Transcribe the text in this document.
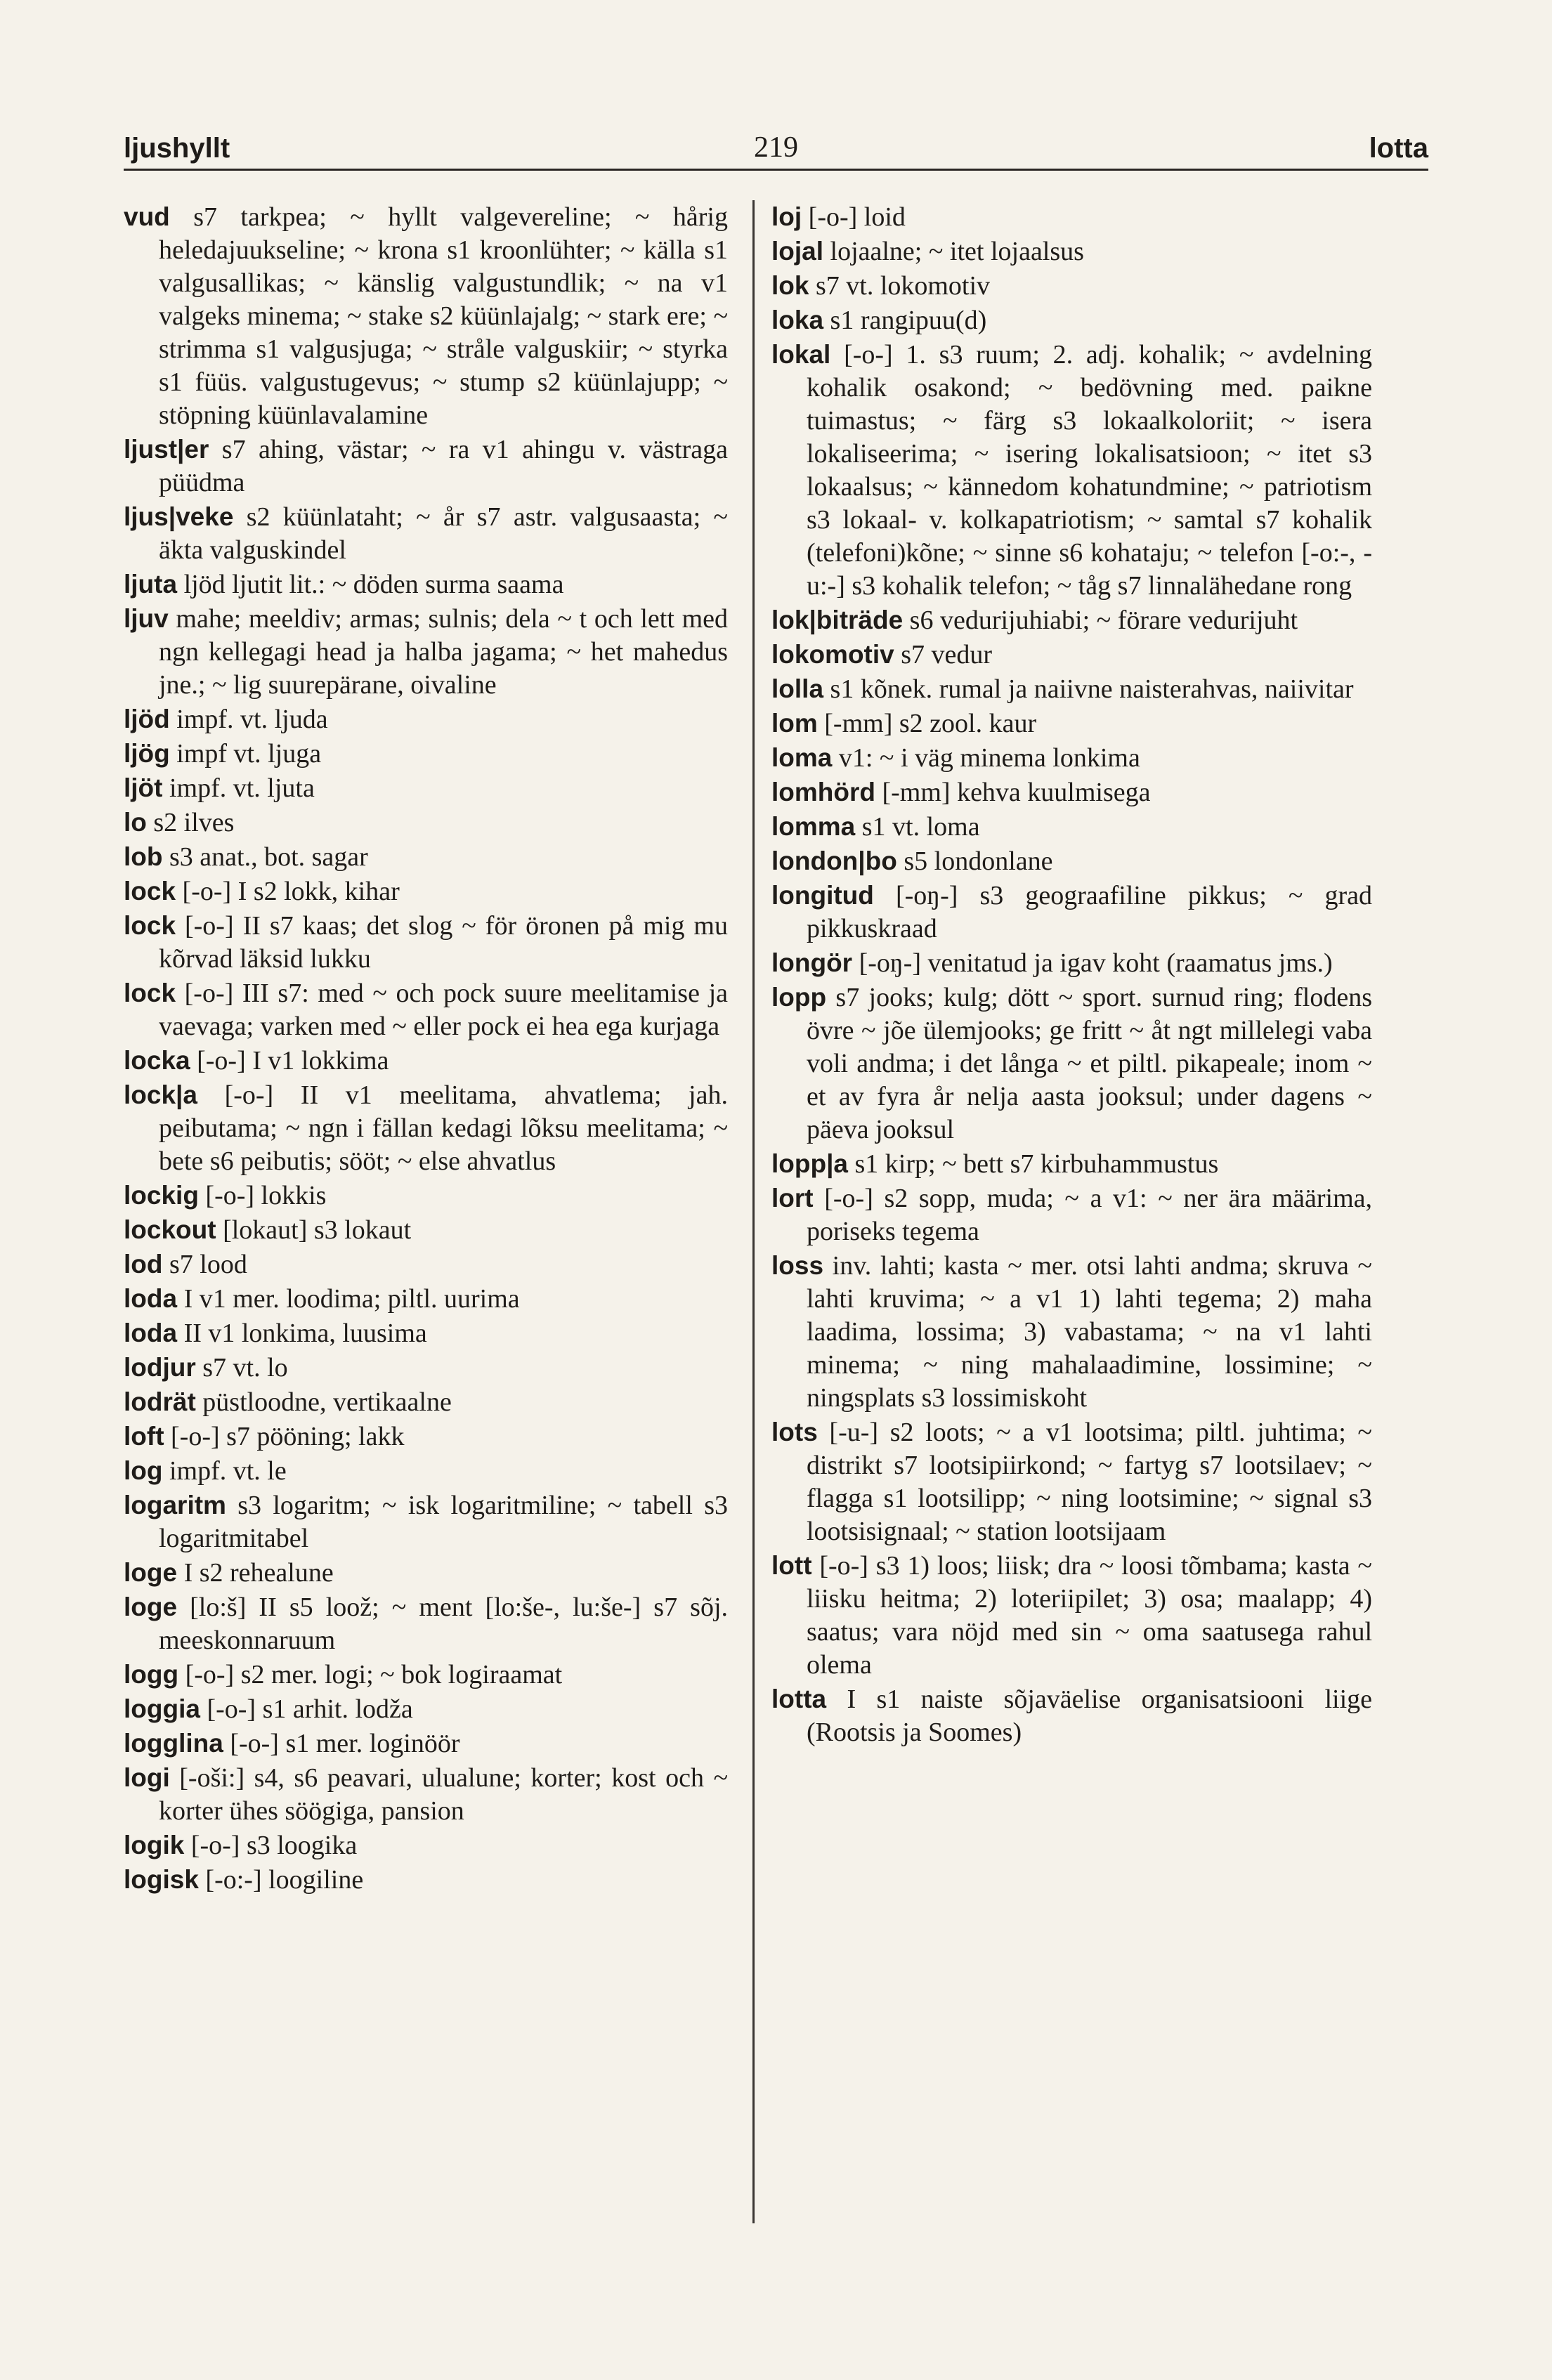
ljushyllt	219	lotta

vud s7 tarkpea; ~ hyllt valgevereline; ~ hårig heledajuukseline; ~ krona s1 kroonlühter; ~ källa s1 valgusallikas; ~ känslig valgustundlik; ~ na v1 valgeks minema; ~ stake s2 küünlajalg; ~ stark ere; ~ strimma s1 valgusjuga; ~ stråle valguskiir; ~ styrka s1 füüs. valgustugevus; ~ stump s2 küünlajupp; ~ stöpning küünlavalamine

ljust|er s7 ahing, västar; ~ ra v1 ahingu v. västraga püüdma

ljus|veke s2 küünlataht; ~ år s7 astr. valgusaasta; ~ äkta valguskindel

ljuta ljöd ljutit lit.: ~ döden surma saama

ljuv mahe; meeldiv; armas; sulnis; dela ~ t och lett med ngn kellegagi head ja halba jagama; ~ het mahedus jne.; ~ lig suurepärane, oivaline

ljöd impf. vt. ljuda

ljög impf vt. ljuga

ljöt impf. vt. ljuta

lo s2 ilves

lob s3 anat., bot. sagar

lock [-o-] I s2 lokk, kihar

lock [-o-] II s7 kaas; det slog ~ för öronen på mig mu kõrvad läksid lukku

lock [-o-] III s7: med ~ och pock suure meelitamise ja vaevaga; varken med ~ eller pock ei hea ega kurjaga

locka [-o-] I v1 lokkima

lock|a [-o-] II v1 meelitama, ahvatlema; jah. peibutama; ~ ngn i fällan kedagi lõksu meelitama; ~ bete s6 peibutis; sööt; ~ else ahvatlus

lockig [-o-] lokkis

lockout [lokaut] s3 lokaut

lod s7 lood

loda I v1 mer. loodima; piltl. uurima

loda II v1 lonkima, luusima

lodjur s7 vt. lo

lodrät püstloodne, vertikaalne

loft [-o-] s7 pööning; lakk

log impf. vt. le

logaritm s3 logaritm; ~ isk logaritmiline; ~ tabell s3 logaritmitabel

loge I s2 rehealune

loge [lo:š] II s5 loož; ~ ment [lo:še-, lu:še-] s7 sõj. meeskonnaruum

logg [-o-] s2 mer. logi; ~ bok logiraamat

loggia [-o-] s1 arhit. lodža

logglina [-o-] s1 mer. loginöör

logi [-oši:] s4, s6 peavari, ulualune; korter; kost och ~ korter ühes söögiga, pansion

logik [-o-] s3 loogika

logisk [-o:-] loogiline

loj [-o-] loid

lojal lojaalne; ~ itet lojaalsus

lok s7 vt. lokomotiv

loka s1 rangipuu(d)

lokal [-o-] 1. s3 ruum; 2. adj. kohalik; ~ avdelning kohalik osakond; ~ bedövning med. paikne tuimastus; ~ färg s3 lokaalkoloriit; ~ isera lokaliseerima; ~ isering lokalisatsioon; ~ itet s3 lokaalsus; ~ kännedom kohatundmine; ~ patriotism s3 lokaal- v. kolkapatriotism; ~ samtal s7 kohalik (telefoni)kõne; ~ sinne s6 kohataju; ~ telefon [-o:-, -u:-] s3 kohalik telefon; ~ tåg s7 linnalähedane rong

lok|biträde s6 vedurijuhiabi; ~ förare vedurijuht

lokomotiv s7 vedur

lolla s1 kõnek. rumal ja naiivne naisterahvas, naiivitar

lom [-mm] s2 zool. kaur

loma v1: ~ i väg minema lonkima

lomhörd [-mm] kehva kuulmisega

lomma s1 vt. loma

london|bo s5 londonlane

longitud [-oŋ-] s3 geograafiline pikkus; ~ grad pikkuskraad

longör [-oŋ-] venitatud ja igav koht (raamatus jms.)

lopp s7 jooks; kulg; dött ~ sport. surnud ring; flodens övre ~ jõe ülemjooks; ge fritt ~ åt ngt millelegi vaba voli andma; i det långa ~ et piltl. pikapeale; inom ~ et av fyra år nelja aasta jooksul; under dagens ~ päeva jooksul

lopp|a s1 kirp; ~ bett s7 kirbuhammustus

lort [-o-] s2 sopp, muda; ~ a v1: ~ ner ära määrima, poriseks tegema

loss inv. lahti; kasta ~ mer. otsi lahti andma; skruva ~ lahti kruvima; ~ a v1 1) lahti tegema; 2) maha laadima, lossima; 3) vabastama; ~ na v1 lahti minema; ~ ning mahalaadimine, lossimine; ~ ningsplats s3 lossimiskoht

lots [-u-] s2 loots; ~ a v1 lootsima; piltl. juhtima; ~ distrikt s7 lootsipiirkond; ~ fartyg s7 lootsilaev; ~ flagga s1 lootsilipp; ~ ning lootsimine; ~ signal s3 lootsisignaal; ~ station lootsijaam

lott [-o-] s3 1) loos; liisk; dra ~ loosi tõmbama; kasta ~ liisku heitma; 2) loteriipilet; 3) osa; maalapp; 4) saatus; vara nöjd med sin ~ oma saatusega rahul olema

lotta I s1 naiste sõjaväelise organisatsiooni liige (Rootsis ja Soomes)
